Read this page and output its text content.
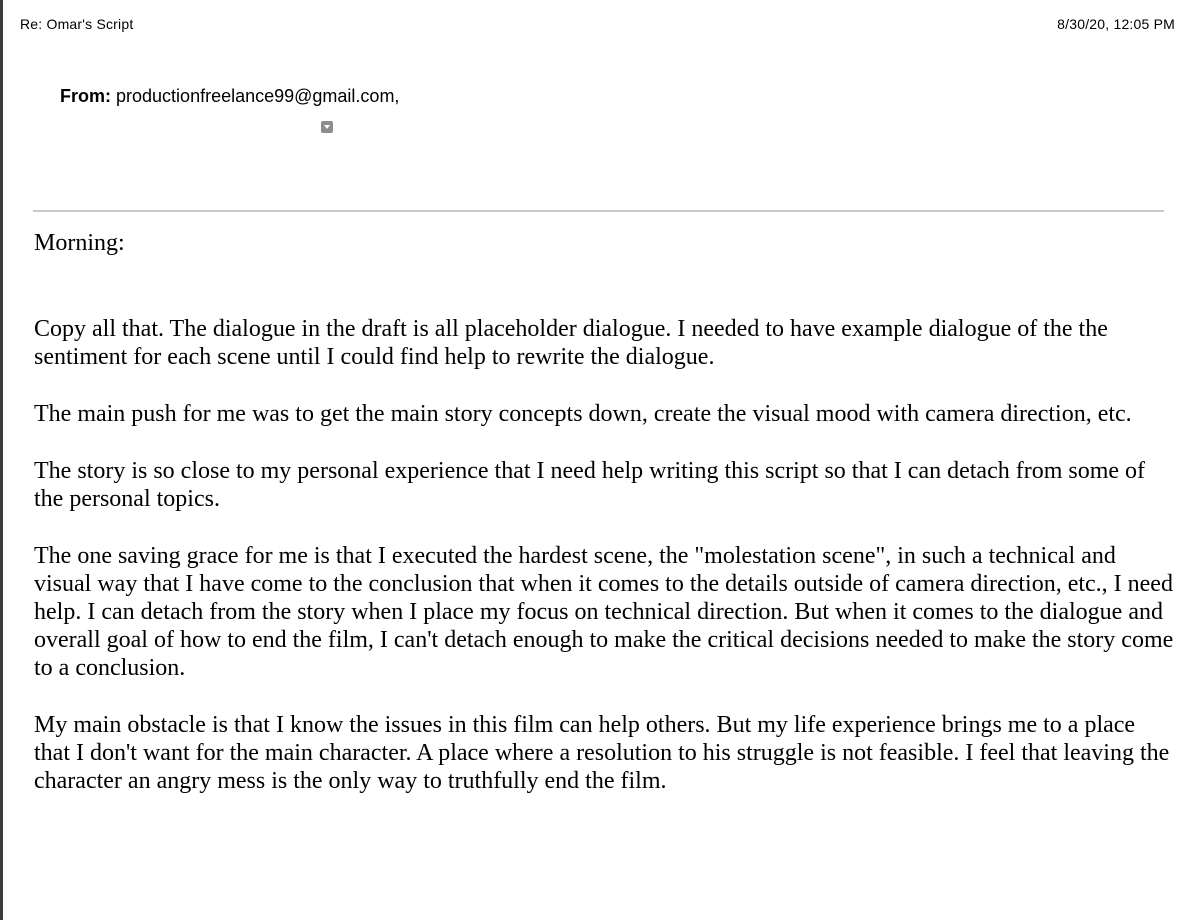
Re: Omar's Script	8/30/20, 12:05 PM
From: productionfreelance99@gmail.com,

Morning:

Copy all that. The dialogue in the draft is all placeholder dialogue. I needed to have example dialogue of the the sentiment for each scene until I could find help to rewrite the dialogue.

The main push for me was to get the main story concepts down, create the visual mood with camera direction, etc.

The story is so close to my personal experience that I need help writing this script so that I can detach from some of the personal topics.

The one saving grace for me is that I executed the hardest scene, the "molestation scene", in such a technical and visual way that I have come to the conclusion that when it comes to the details outside of camera direction, etc., I need help. I can detach from the story when I place my focus on technical direction. But when it comes to the dialogue and overall goal of how to end the film, I can't detach enough to make the critical decisions needed to make the story come to a conclusion.

My main obstacle is that I know the issues in this film can help others. But my life experience brings me to a place that I don't want for the main character. A place where a resolution to his struggle is not feasible. I feel that leaving the character an angry mess is the only way to truthfully end the film.
